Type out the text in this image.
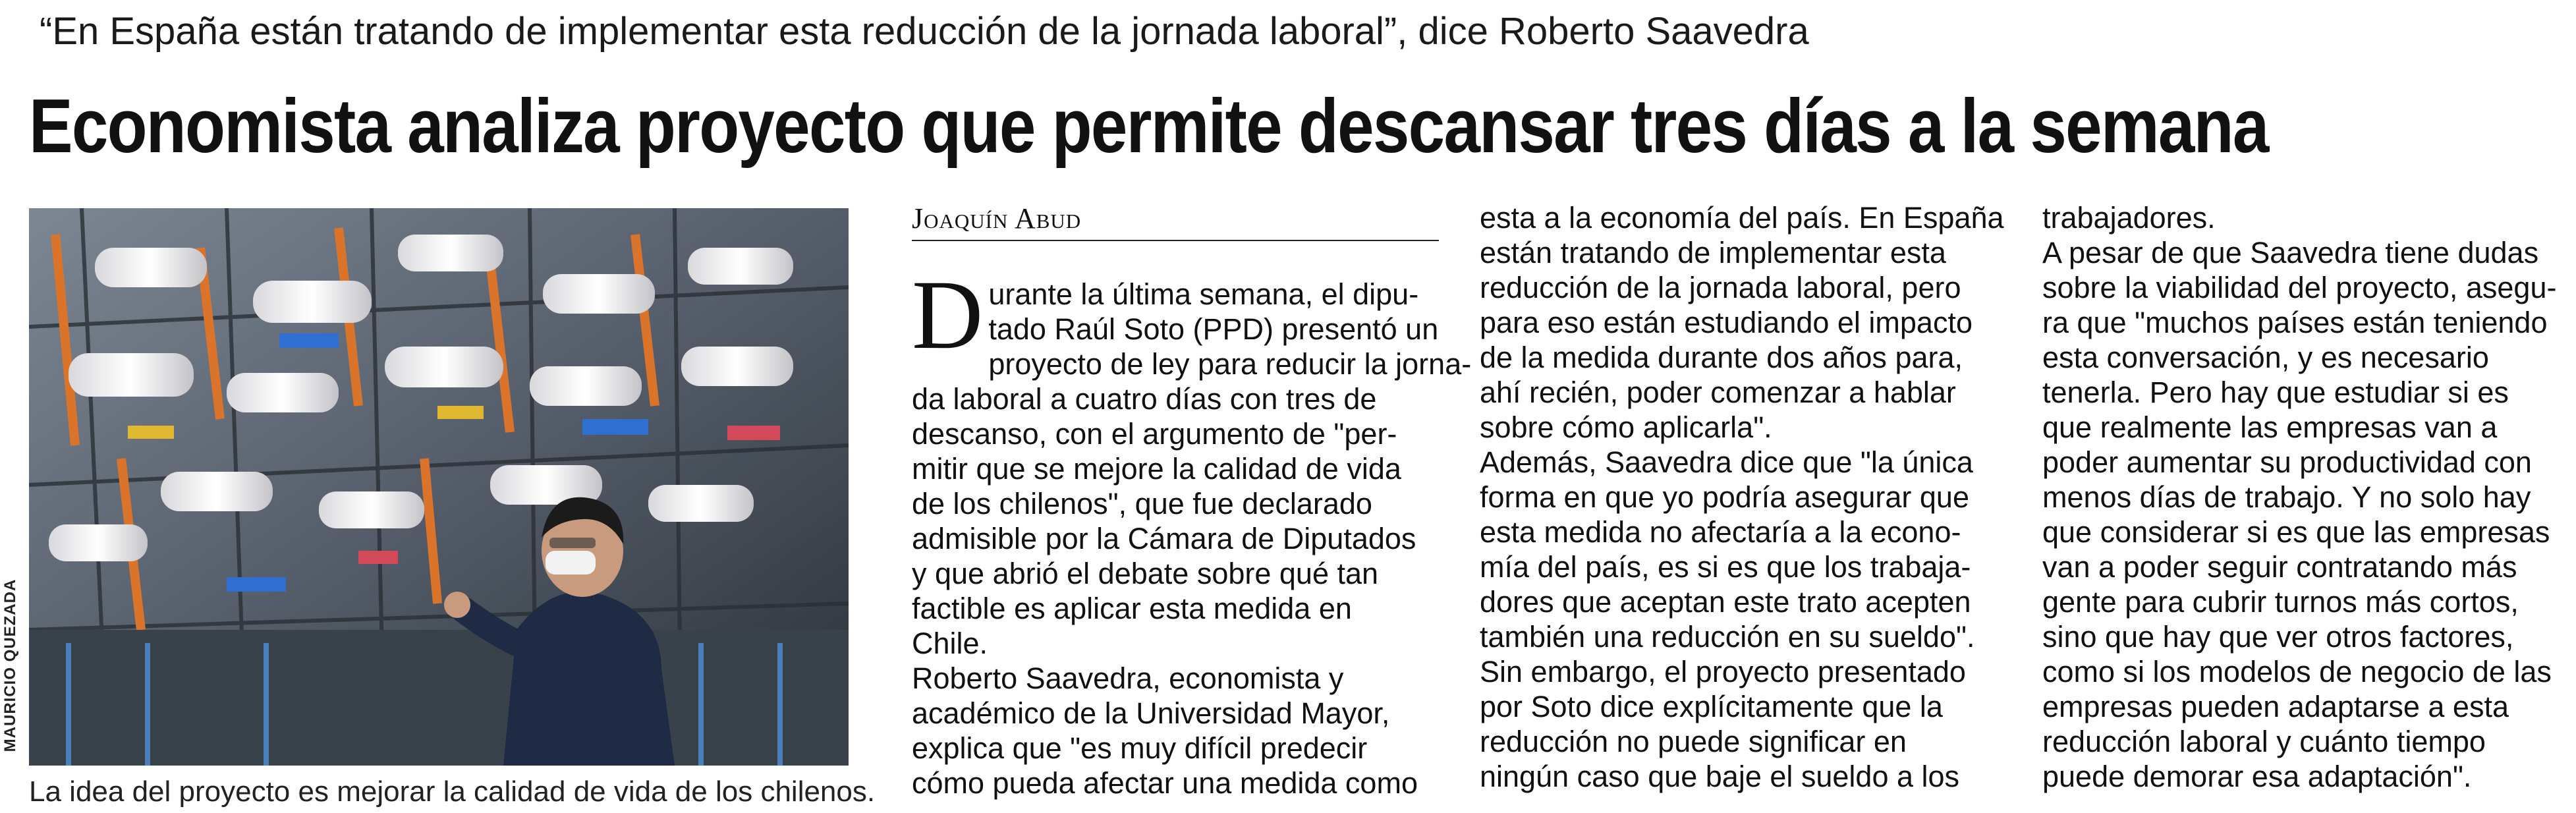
“En España están tratando de implementar esta reducción de la jornada laboral”, dice Roberto Saavedra
Economista analiza proyecto que permite descansar tres días a la semana
MAURICIO QUEZADA
La idea del proyecto es mejorar la calidad de vida de los chilenos.
Joaquín Abud
D urante la última semana, el dipu-
tado Raúl Soto (PPD) presentó un

proyecto de ley para reducir la jorna-

da laboral a cuatro días con tres de

descanso, con el argumento de "per-

mitir que se mejore la calidad de vida

de los chilenos", que fue declarado

admisible por la Cámara de Diputados

y que abrió el debate sobre qué tan

factible es aplicar esta medida en

Chile.

Roberto Saavedra, economista y

académico de la Universidad Mayor,

explica que "es muy difícil predecir

cómo pueda afectar una medida como

esta a la economía del país. En España

están tratando de implementar esta

reducción de la jornada laboral, pero

para eso están estudiando el impacto

de la medida durante dos años para,

ahí recién, poder comenzar a hablar

sobre cómo aplicarla".

Además, Saavedra dice que "la única

forma en que yo podría asegurar que

esta medida no afectaría a la econo-

mía del país, es si es que los trabaja-

dores que aceptan este trato acepten

también una reducción en su sueldo".

Sin embargo, el proyecto presentado

por Soto dice explícitamente que la

reducción no puede significar en

ningún caso que baje el sueldo a los

trabajadores.

A pesar de que Saavedra tiene dudas

sobre la viabilidad del proyecto, asegu-

ra que "muchos países están teniendo

esta conversación, y es necesario

tenerla. Pero hay que estudiar si es

que realmente las empresas van a

poder aumentar su productividad con

menos días de trabajo. Y no solo hay

que considerar si es que las empresas

van a poder seguir contratando más

gente para cubrir turnos más cortos,

sino que hay que ver otros factores,

como si los modelos de negocio de las

empresas pueden adaptarse a esta

reducción laboral y cuánto tiempo

puede demorar esa adaptación".
